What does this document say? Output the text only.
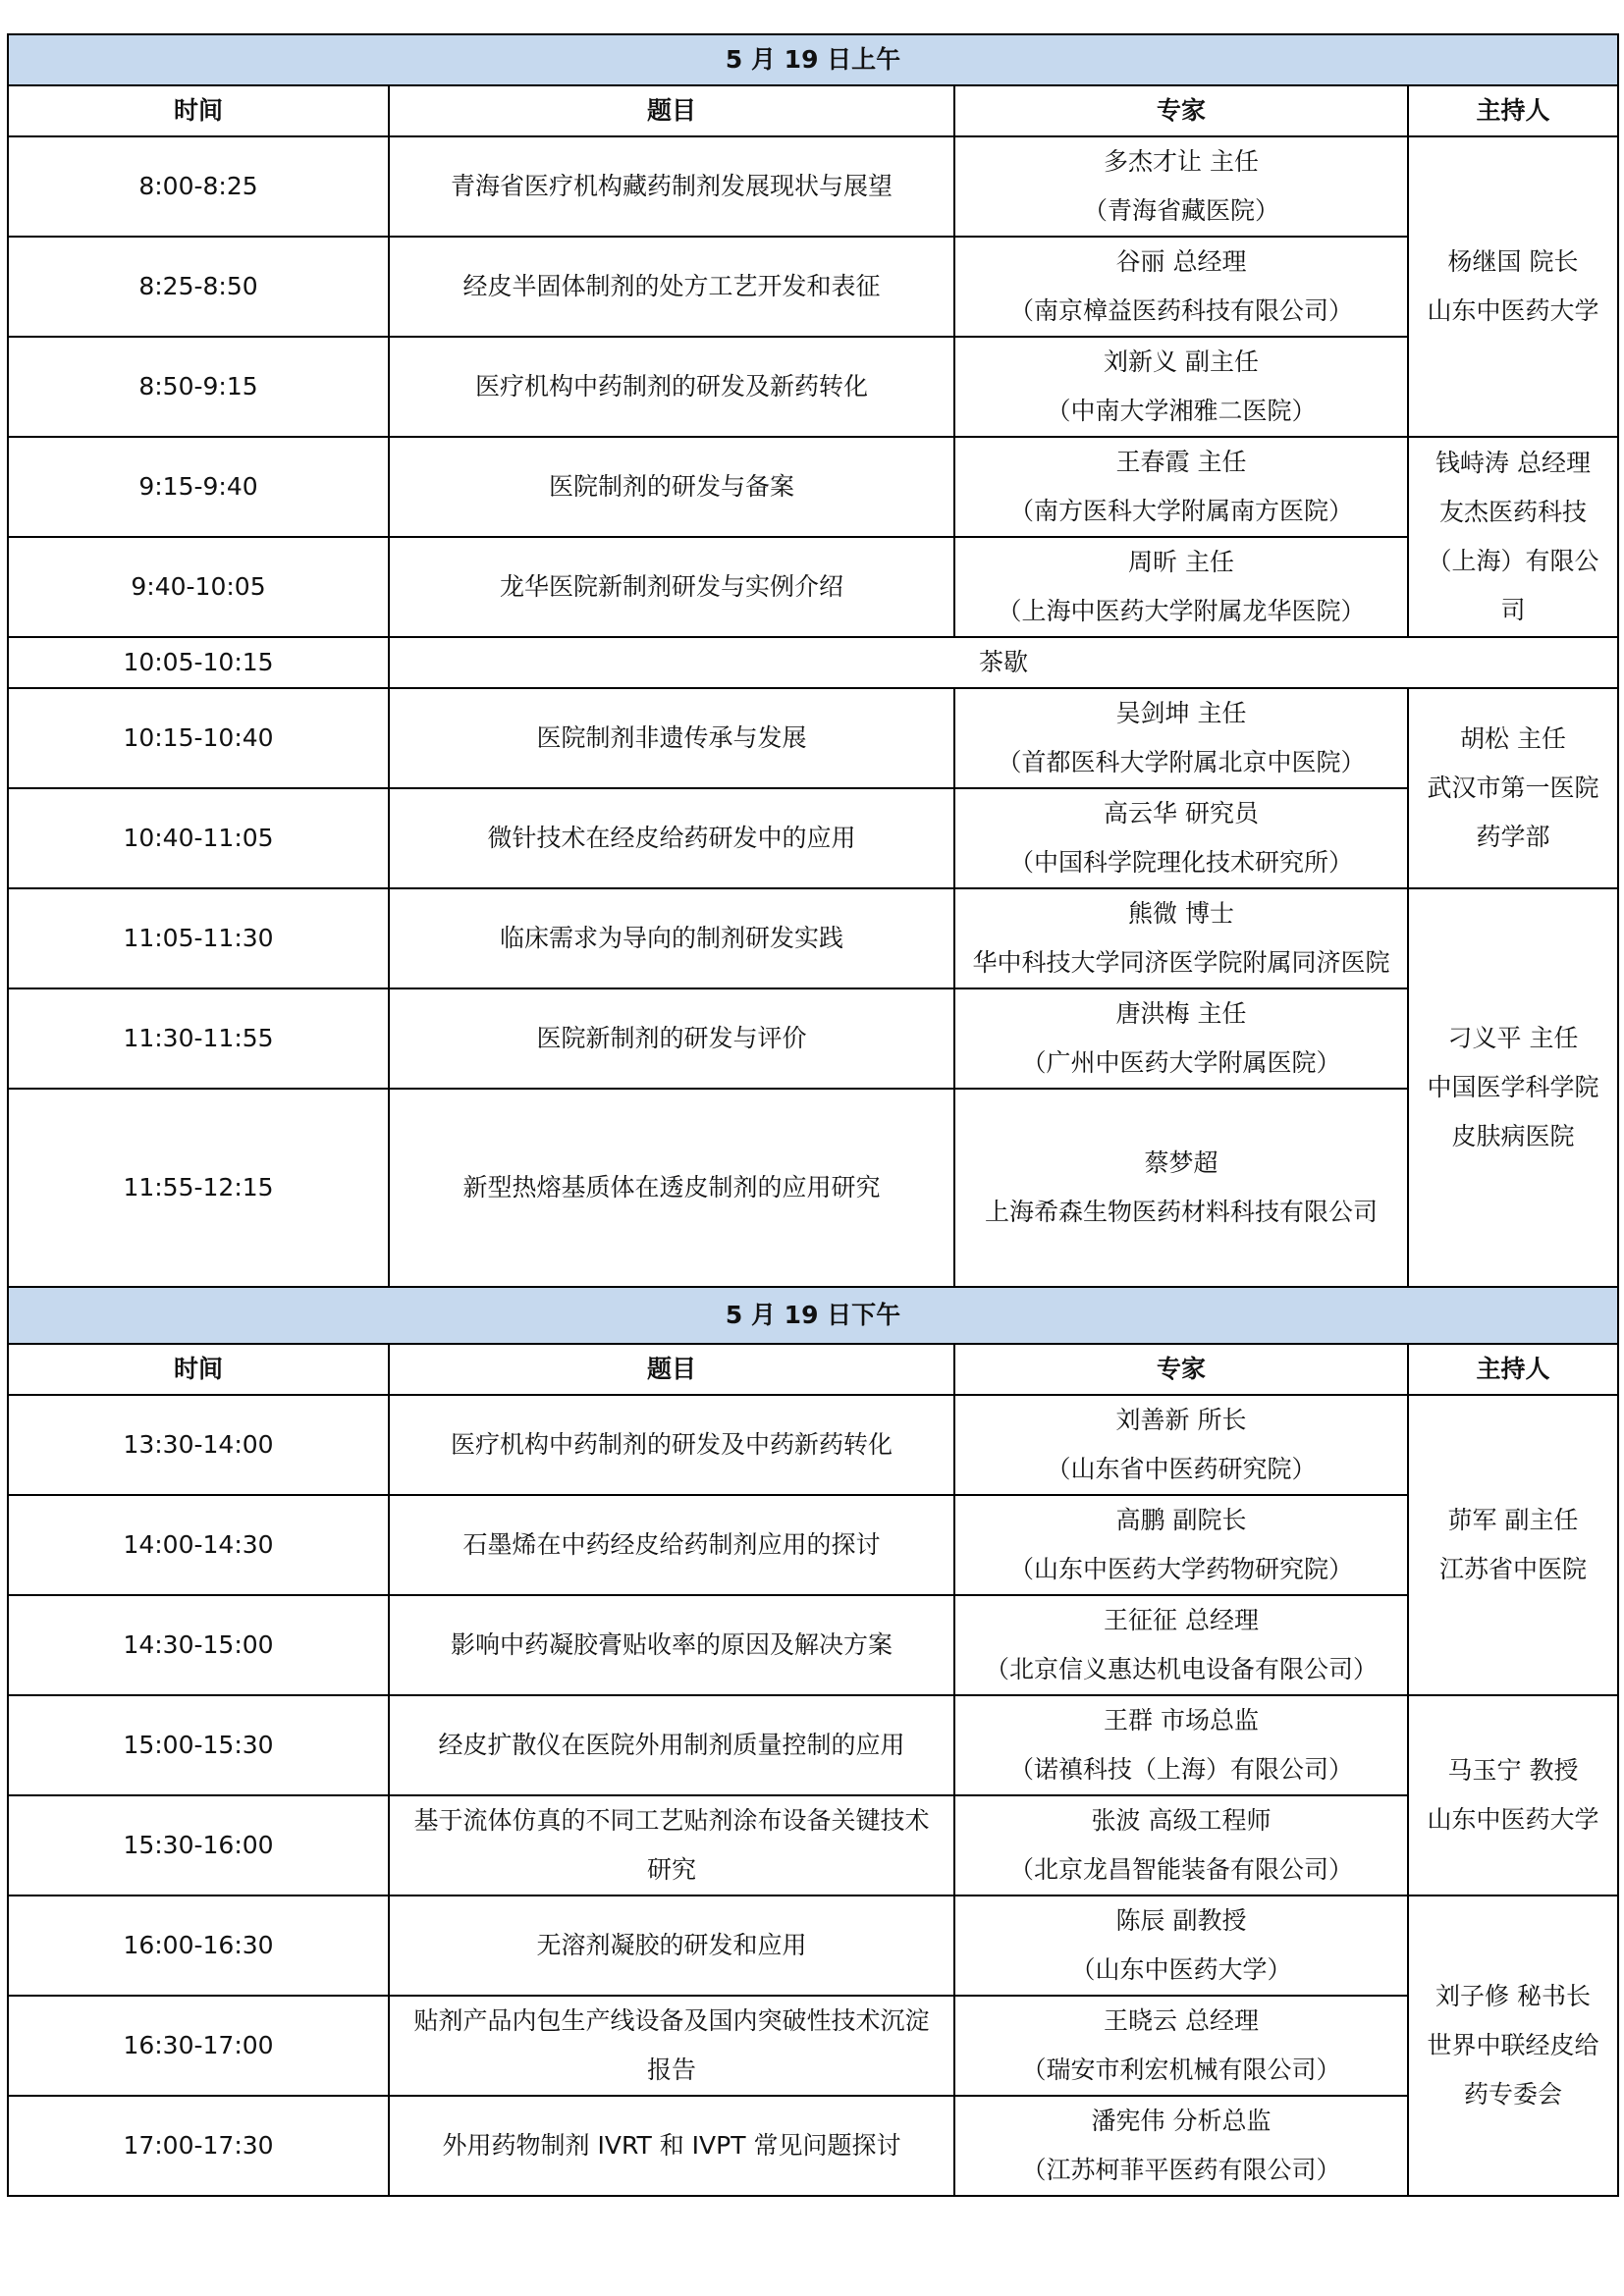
5 月 19 日上午			
时间	题目	专家	主持人
8:00-8:25	青海省医疗机构藏药制剂发展现状与展望	多杰才让 主任
（青海省藏医院）	杨继国 院长
山东中医药大学

8:25-8:50	经皮半固体制剂的处方工艺开发和表征	谷丽 总经理
（南京樟益医药科技有限公司）	

8:50-9:15	医疗机构中药制剂的研发及新药转化	刘新义 副主任
（中南大学湘雅二医院）	

9:15-9:40	医院制剂的研发与备案	王春霞 主任
（南方医科大学附属南方医院）	钱峙涛 总经理
友杰医药科技
（上海）有限公
司

9:40-10:05	龙华医院新制剂研发与实例介绍	周昕 主任
（上海中医药大学附属龙华医院）	

10:05-10:15	茶歇		
10:15-10:40	医院制剂非遗传承与发展	吴剑坤 主任
（首都医科大学附属北京中医院）	胡松 主任
武汉市第一医院
药学部

10:40-11:05	微针技术在经皮给药研发中的应用	高云华 研究员
（中国科学院理化技术研究所）	

11:05-11:30	临床需求为导向的制剂研发实践	熊微 博士
华中科技大学同济医学院附属同济医院	刁义平 主任
中国医学科学院
皮肤病医院

11:30-11:55	医院新制剂的研发与评价	唐洪梅 主任
（广州中医药大学附属医院）	

11:55-12:15	新型热熔基质体在透皮制剂的应用研究	蔡梦超
上海希森生物医药材料科技有限公司	

5 月 19 日下午			
时间	题目	专家	主持人
13:30-14:00	医疗机构中药制剂的研发及中药新药转化	刘善新 所长
（山东省中医药研究院）	茆军 副主任
江苏省中医院

14:00-14:30	石墨烯在中药经皮给药制剂应用的探讨	高鹏 副院长
（山东中医药大学药物研究院）	

14:30-15:00	影响中药凝胶膏贴收率的原因及解决方案	王征征 总经理
（北京信义惠达机电设备有限公司）	

15:00-15:30	经皮扩散仪在医院外用制剂质量控制的应用	王群 市场总监
（诺禛科技（上海）有限公司）	马玉宁 教授
山东中医药大学

15:30-16:00	基于流体仿真的不同工艺贴剂涂布设备关键技术
研究	张波 高级工程师
（北京龙昌智能装备有限公司）	

16:00-16:30	无溶剂凝胶的研发和应用	陈辰 副教授
（山东中医药大学）	刘子修 秘书长
世界中联经皮给
药专委会

16:30-17:00	贴剂产品内包生产线设备及国内突破性技术沉淀
报告	王晓云 总经理
（瑞安市利宏机械有限公司）	

17:00-17:30	外用药物制剂 IVRT 和 IVPT 常见问题探讨	潘宪伟 分析总监
（江苏柯菲平医药有限公司）	
